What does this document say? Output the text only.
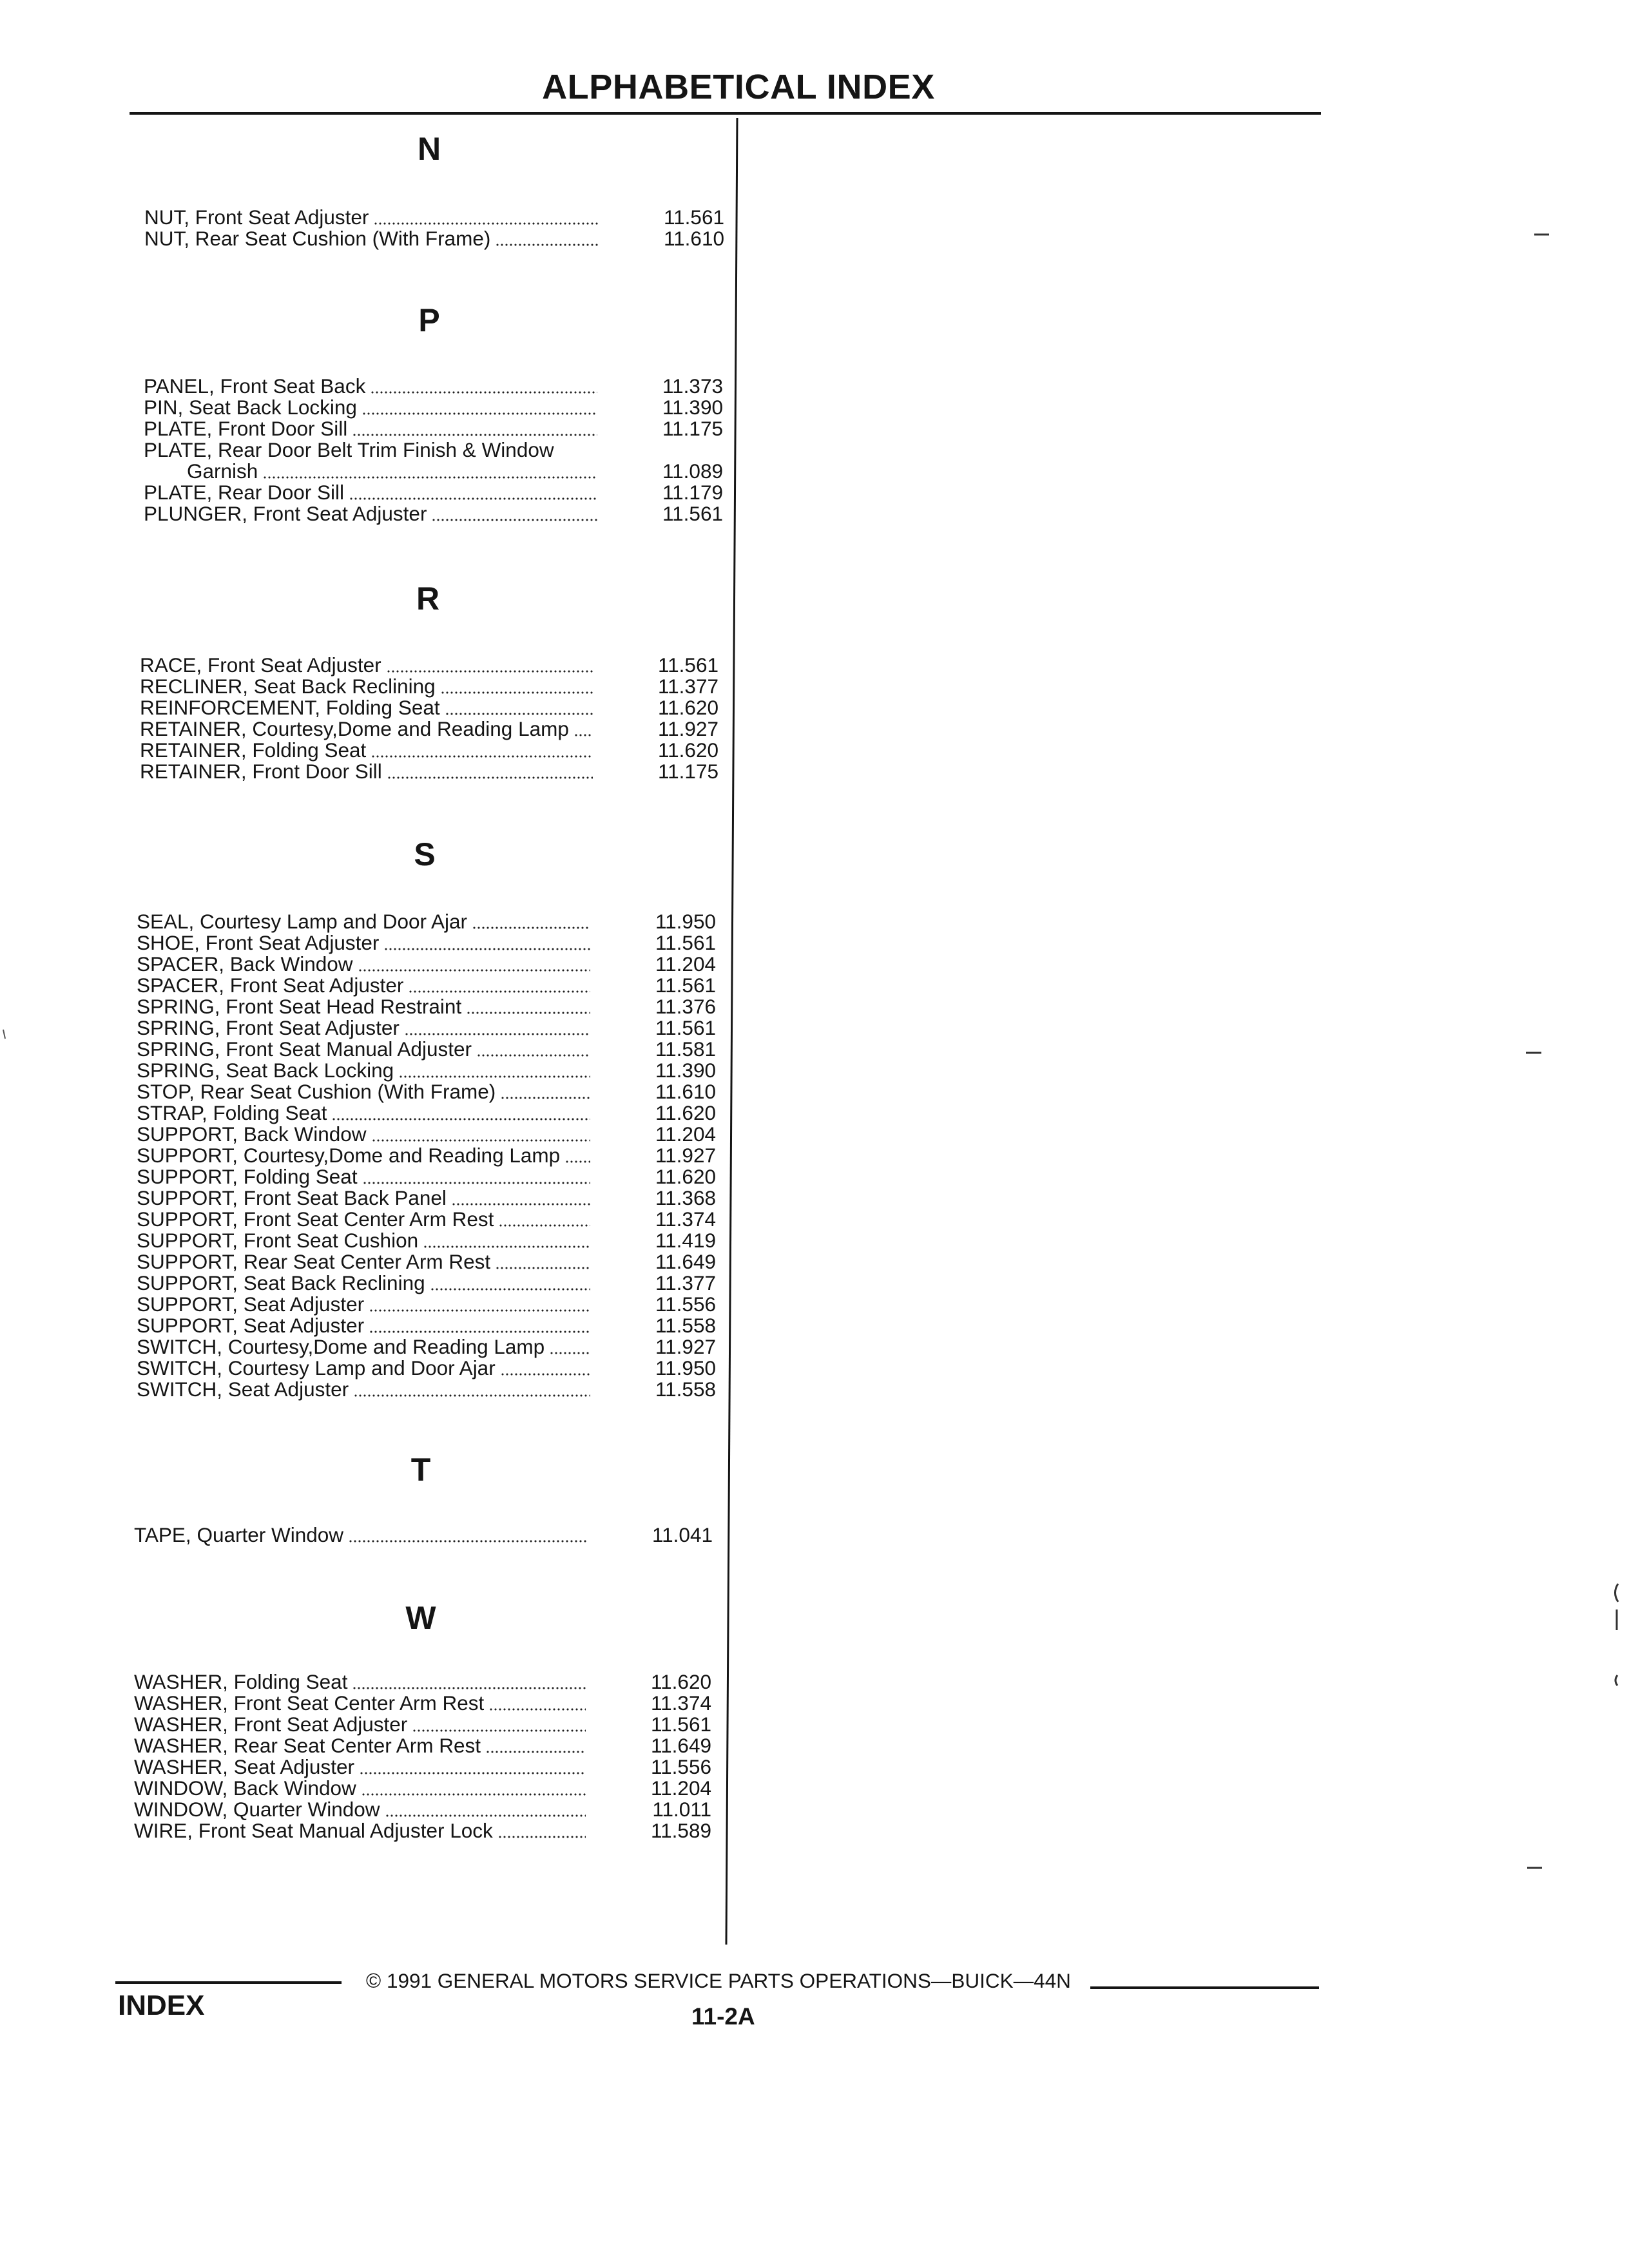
ALPHABETICAL INDEX
N
NUT, Front Seat Adjuster	11.561
NUT, Rear Seat Cushion (With Frame)	11.610
P
PANEL, Front Seat Back	11.373
PIN, Seat Back Locking	11.390
PLATE, Front Door Sill	11.175
PLATE, Rear Door Belt Trim Finish & Window
Garnish	11.089
PLATE, Rear Door Sill	11.179
PLUNGER, Front Seat Adjuster	11.561
R
RACE, Front Seat Adjuster	11.561
RECLINER, Seat Back Reclining	11.377
REINFORCEMENT, Folding Seat	11.620
RETAINER, Courtesy,Dome and Reading Lamp	11.927
RETAINER, Folding Seat	11.620
RETAINER, Front Door Sill	11.175
S
SEAL, Courtesy Lamp and Door Ajar	11.950
SHOE, Front Seat Adjuster	11.561
SPACER, Back Window	11.204
SPACER, Front Seat Adjuster	11.561
SPRING, Front Seat Head Restraint	11.376
SPRING, Front Seat Adjuster	11.561
SPRING, Front Seat Manual Adjuster	11.581
SPRING, Seat Back Locking	11.390
STOP, Rear Seat Cushion (With Frame)	11.610
STRAP, Folding Seat	11.620
SUPPORT, Back Window	11.204
SUPPORT, Courtesy,Dome and Reading Lamp	11.927
SUPPORT, Folding Seat	11.620
SUPPORT, Front Seat Back Panel	11.368
SUPPORT, Front Seat Center Arm Rest	11.374
SUPPORT, Front Seat Cushion	11.419
SUPPORT, Rear Seat Center Arm Rest	11.649
SUPPORT, Seat Back Reclining	11.377
SUPPORT, Seat Adjuster	11.556
SUPPORT, Seat Adjuster	11.558
SWITCH, Courtesy,Dome and Reading Lamp	11.927
SWITCH, Courtesy Lamp and Door Ajar	11.950
SWITCH, Seat Adjuster	11.558
T
TAPE, Quarter Window	11.041
W
WASHER, Folding Seat	11.620
WASHER, Front Seat Center Arm Rest	11.374
WASHER, Front Seat Adjuster	11.561
WASHER, Rear Seat Center Arm Rest	11.649
WASHER, Seat Adjuster	11.556
WINDOW, Back Window	11.204
WINDOW, Quarter Window	11.011
WIRE, Front Seat Manual Adjuster Lock	11.589
© 1991 GENERAL MOTORS SERVICE PARTS OPERATIONS—BUICK—44N
INDEX	11-2A
